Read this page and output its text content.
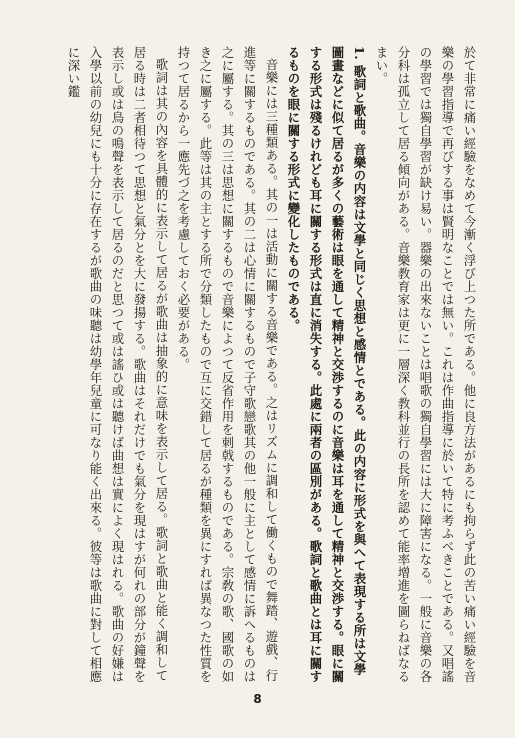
於て非常に痛い經驗をなめて今漸く浮び上つた所である。他に良方法があるにも拘らず此の苦い痛い經驗を音樂の學習指導で再びする事は賢明なことでは無い。これは作曲指導に於いて特に考ふべきことである。又唱謠の學習では獨自學習が缺け易い。器樂の出來ないことは唱歌の獨自學習には大に障害になる。一般に音樂の各分科は孤立して居る傾向がある。音樂教育家は更に一層深く教科並行の長所を認めて能率增進を圖らねばなるまい。

1. 歌詞と歌曲。音樂の内容は文學と同じく思想と感情とである。此の内容に形式を與へて表現する所は文學圖畫などに似て居るが多くの藝術は眼を通して精神と交渉するのに音樂は耳を通して精神と交渉する。眼に關する形式は殘るけれども耳に關する形式は直に消失する。此處に兩者の區別がある。歌詞と歌曲とは耳に關するものを眼に關する形式に變化したものである。

音樂には三種類ある。其の一は活動に關する音樂である。之はリズムに調和して働くもので舞踏、遊戲、行進等に關するものである。其の二は心情に關するもので子守歌戀歌其の他一般に主として感情に訴へるものは之に屬する。其の三は思想に關するもので音樂によつて反省作用を刺戟するものである。宗敎の歌、國歌の如き之に屬する。此等は其の主とする所で分類したもので互に交錯して居るが種類を異にすれば異なつた性質を持つて居るから一應先づ之を考慮しておく必要がある。

歌詞は其の內容を具體的に表示して居るが歌曲は抽象的に意味を表示して居る。歌詞と歌曲と能く調和して居る時は二者相待つて思想と氣分とを大に發揚する。歌曲はそれだけでも氣分を現はすが何れの部分が鐘聲を表示し或は鳥の鳴聲を表示して居るのだと思つて或は謠ひ或は聽けば曲想は實によく現はれる。歌曲の好嫌は入學以前の幼兒にも十分に存在するが歌曲の味聽は幼學年兒童に可なり能く出來る。彼等は歌曲に對して相應に深い鑑

8
